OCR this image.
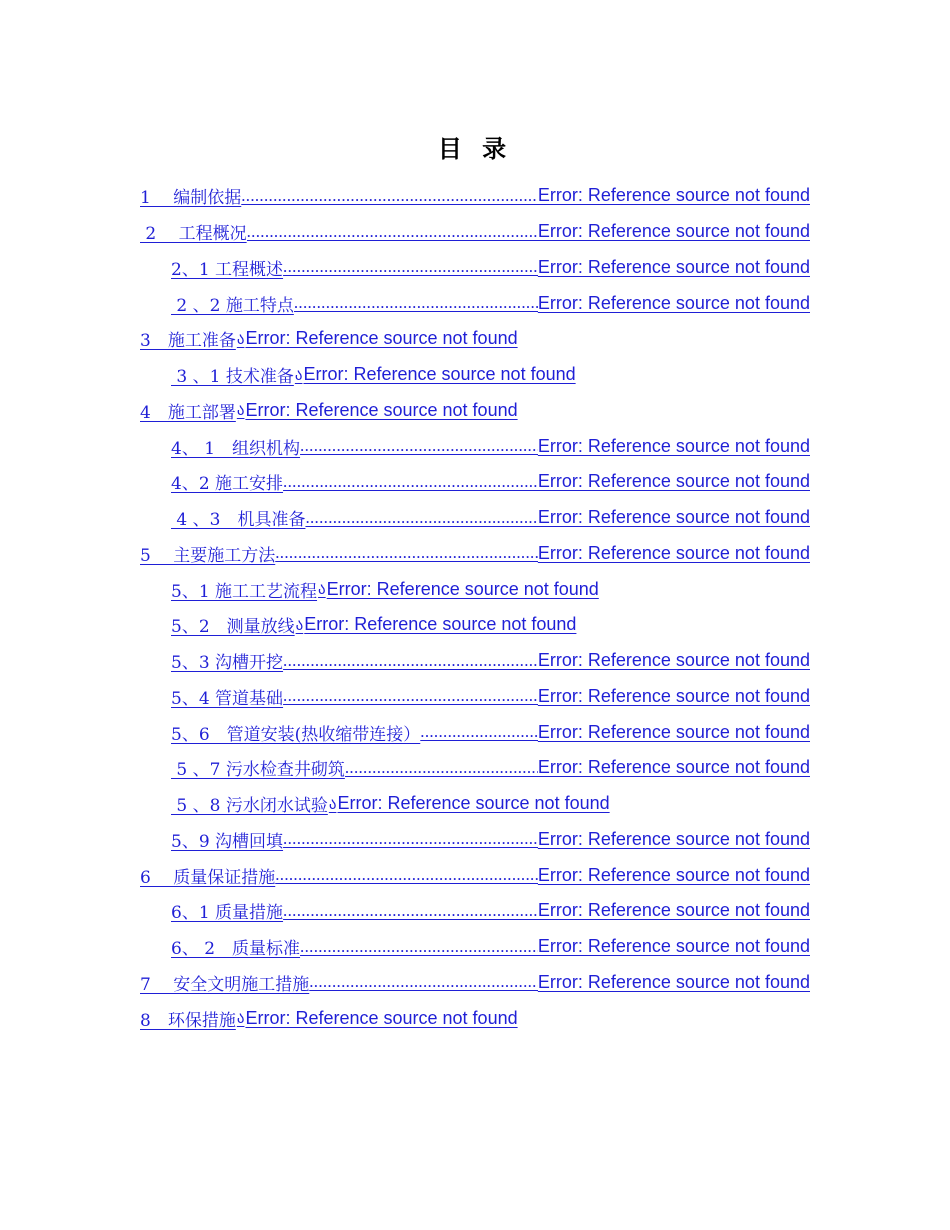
目 录
1　 编制依据 .....	Error: Reference source not found
2　 工程概况 .....	Error: Reference source not found
2、1 工程概述 .....	Error: Reference source not found
2 、2 施工特点 .....	Error: Reference source not found
3　施工准备 ა Error: Reference source not found
3 、1 技术准备 ა Error: Reference source not found
4　施工部署 ა Error: Reference source not found
4、 1　组织机构 .....	Error: Reference source not found
4、2 施工安排 .....	Error: Reference source not found
4 、3　机具准备 .....	Error: Reference source not found
5　 主要施工方法 .....	Error: Reference source not found
5、1 施工工艺流程 ა Error: Reference source not found
5、2　测量放线 ა Error: Reference source not found
5、3 沟槽开挖 .....	Error: Reference source not found
5、4 管道基础 .....	Error: Reference source not found
5、6　管道安装(热收缩带连接） .....	Error: Reference source not found
5 、7 污水检查井砌筑 .....	Error: Reference source not found
5 、8 污水闭水试验 ა Error: Reference source not found
5、9 沟槽回填 .....	Error: Reference source not found
6　 质量保证措施 .....	Error: Reference source not found
6、1 质量措施 .....	Error: Reference source not found
6、 2　质量标准 .....	Error: Reference source not found
7　 安全文明施工措施 .....	Error: Reference source not found
8　环保措施 ა Error: Reference source not found
